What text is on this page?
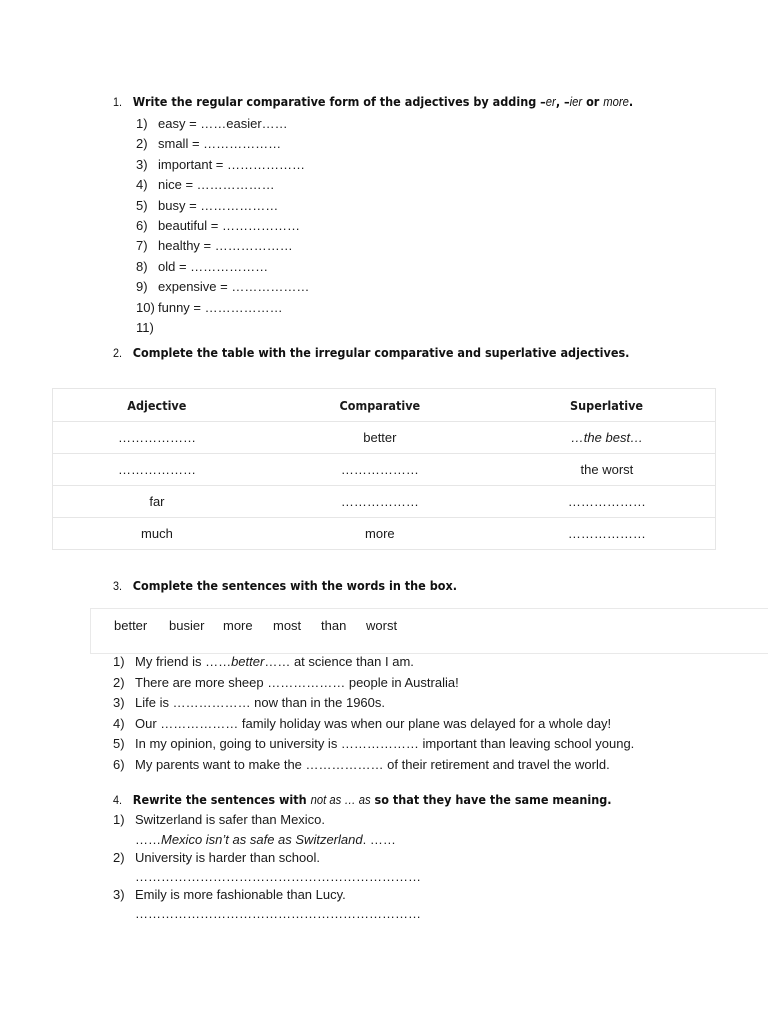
1. Write the regular comparative form of the adjectives by adding –er, –ier or more.
1) easy = ……easier……
2) small = ………………
3) important = ………………
4) nice = ………………
5) busy = ………………
6) beautiful = ………………
7) healthy = ………………
8) old = ………………
9) expensive = ………………
10) funny = ………………
11)
2. Complete the table with the irregular comparative and superlative adjectives.
Adjective	Comparative	Superlative
………………	better	…the best…
………………	………………	the worst
far	………………	………………
much	more	………………
3. Complete the sentences with the words in the box.
better busier more most than worst
1) My friend is ……better…… at science than I am.
2) There are more sheep ……………… people in Australia!
3) Life is ……………… now than in the 1960s.
4) Our ……………… family holiday was when our plane was delayed for a whole day!
5) In my opinion, going to university is ……………… important than leaving school young.
6) My parents want to make the ……………… of their retirement and travel the world.
4. Rewrite the sentences with not as … as so that they have the same meaning.
1) Switzerland is safer than Mexico.
……Mexico isn’t as safe as Switzerland. ……
2) University is harder than school.
…………………………………………………………
3) Emily is more fashionable than Lucy.
…………………………………………………………
